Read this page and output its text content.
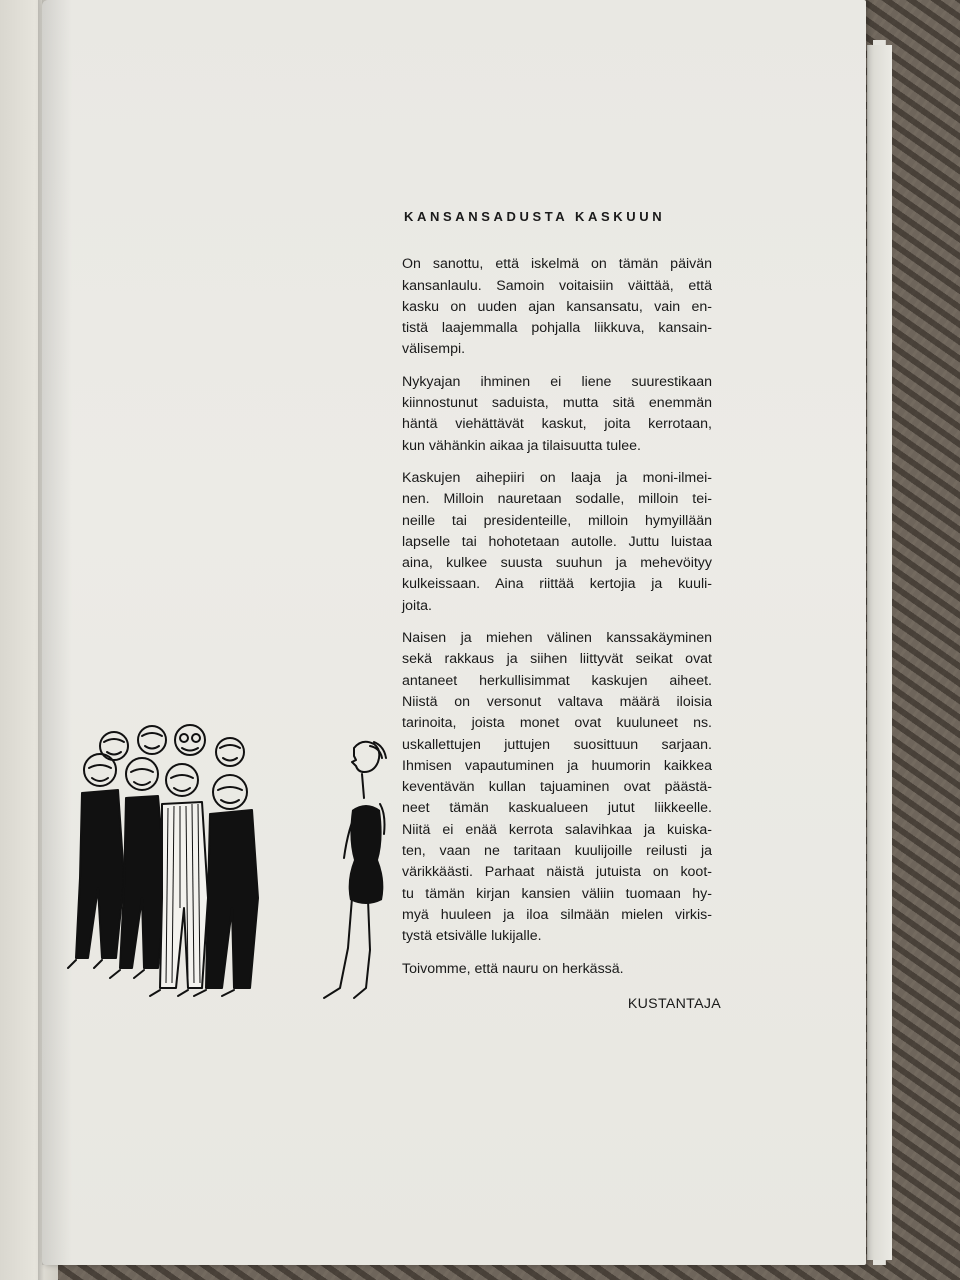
KANSANSADUSTA KASKUUN
On sanottu, että iskelmä on tämän päivän
kansanlaulu. Samoin voitaisiin väittää, että
kasku on uuden ajan kansansatu, vain en-
tistä laajemmalla pohjalla liikkuva, kansain-
välisempi.
Nykyajan ihminen ei liene suurestikaan
kiinnostunut saduista, mutta sitä enemmän
häntä viehättävät kaskut, joita kerrotaan,
kun vähänkin aikaa ja tilaisuutta tulee.
Kaskujen aihepiiri on laaja ja moni-ilmei-
nen. Milloin nauretaan sodalle, milloin tei-
neille tai presidenteille, milloin hymyillään
lapselle tai hohotetaan autolle. Juttu luistaa
aina, kulkee suusta suuhun ja mehevöityy
kulkeissaan. Aina riittää kertojia ja kuuli-
joita.
Naisen ja miehen välinen kanssakäyminen
sekä rakkaus ja siihen liittyvät seikat ovat
antaneet herkullisimmat kaskujen aiheet.
Niistä on versonut valtava määrä iloisia
tarinoita, joista monet ovat kuuluneet ns.
uskallettujen juttujen suosittuun sarjaan.
Ihmisen vapautuminen ja huumorin kaikkea
keventävän kullan tajuaminen ovat päästä-
neet tämän kaskualueen jutut liikkeelle.
Niitä ei enää kerrota salavihkaa ja kuiska-
ten, vaan ne taritaan kuulijoille reilusti ja
värikkäästi. Parhaat näistä jutuista on koot-
tu tämän kirjan kansien väliin tuomaan hy-
myä huuleen ja iloa silmään mielen virkis-
tystä etsivälle lukijalle.
Toivomme, että nauru on herkässä.
KUSTANTAJA
